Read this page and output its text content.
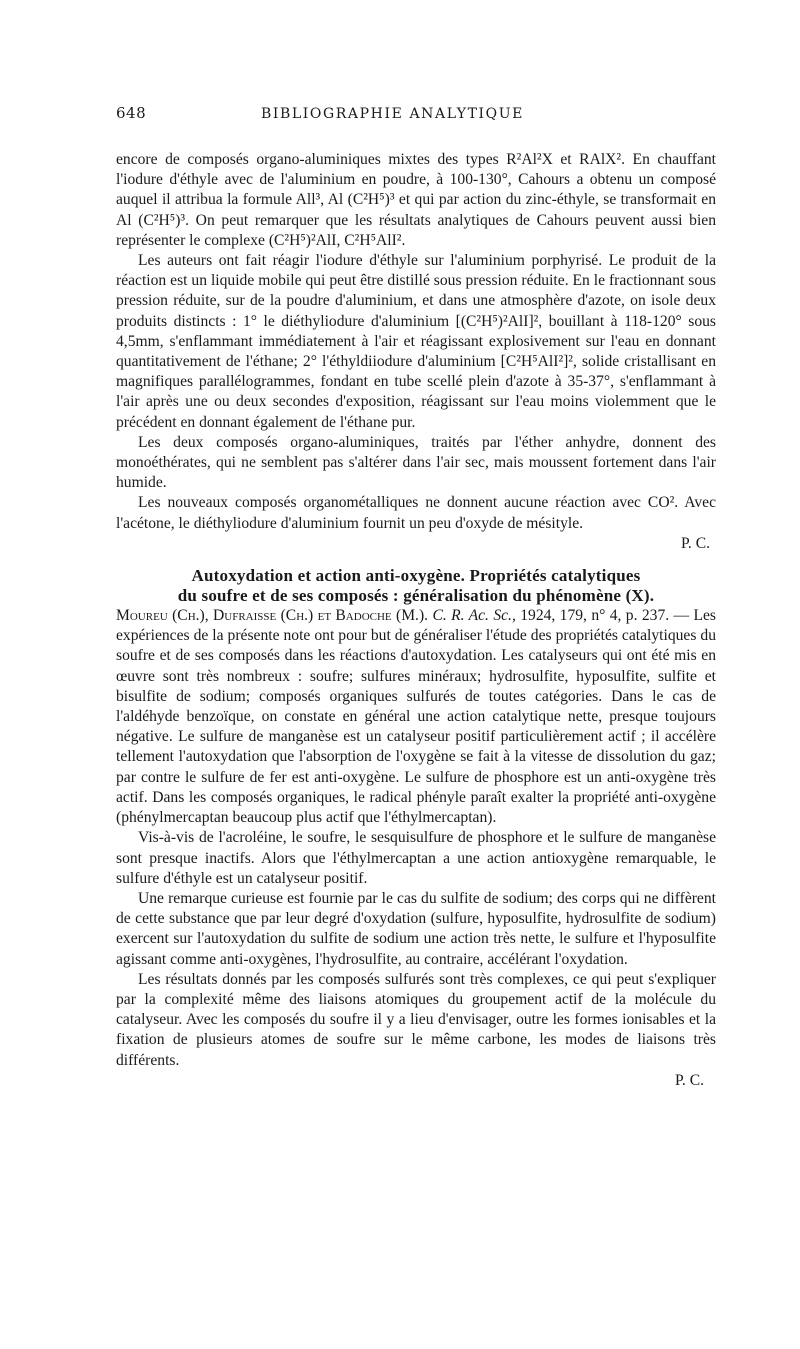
648	BIBLIOGRAPHIE ANALYTIQUE

encore de composés organo-aluminiques mixtes des types R²Al²X et RAlX². En chauffant l'iodure d'éthyle avec de l'aluminium en poudre, à 100-130°, Cahours a obtenu un composé auquel il attribua la formule All³, Al (C²H⁵)³ et qui par action du zinc-éthyle, se transformait en Al (C²H⁵)³. On peut remarquer que les résultats analytiques de Cahours peuvent aussi bien représenter le complexe (C²H⁵)²AlI, C²H⁵AlI².

Les auteurs ont fait réagir l'iodure d'éthyle sur l'aluminium porphyrisé. Le produit de la réaction est un liquide mobile qui peut être distillé sous pression réduite. En le fractionnant sous pression réduite, sur de la poudre d'aluminium, et dans une atmosphère d'azote, on isole deux produits distincts : 1° le diéthyliodure d'aluminium [(C²H⁵)²AlI]², bouillant à 118-120° sous 4,5mm, s'enflammant immédiatement à l'air et réagissant explosivement sur l'eau en donnant quantitativement de l'éthane; 2° l'éthyldiiodure d'aluminium [C²H⁵AlI²]², solide cristallisant en magnifiques parallélogrammes, fondant en tube scellé plein d'azote à 35-37°, s'enflammant à l'air après une ou deux secondes d'exposition, réagissant sur l'eau moins violemment que le précédent en donnant également de l'éthane pur.

Les deux composés organo-aluminiques, traités par l'éther anhydre, donnent des monoéthérates, qui ne semblent pas s'altérer dans l'air sec, mais moussent fortement dans l'air humide.

Les nouveaux composés organométalliques ne donnent aucune réaction avec CO². Avec l'acétone, le diéthyliodure d'aluminium fournit un peu d'oxyde de mésityle.

P. C.
Autoxydation et action anti-oxygène. Propriétés catalytiques
du soufre et de ses composés : généralisation du phénomène (X).

Moureu (Ch.), Dufraisse (Ch.) et Badoche (M.). C. R. Ac. Sc., 1924, 179, n° 4, p. 237. — Les expériences de la présente note ont pour but de généraliser l'étude des propriétés catalytiques du soufre et de ses composés dans les réactions d'autoxydation. Les catalyseurs qui ont été mis en œuvre sont très nombreux : soufre; sulfures minéraux; hydrosulfite, hyposulfite, sulfite et bisulfite de sodium; composés organiques sulfurés de toutes catégories. Dans le cas de l'aldéhyde benzoïque, on constate en général une action catalytique nette, presque toujours négative. Le sulfure de manganèse est un catalyseur positif particulièrement actif ; il accélère tellement l'autoxydation que l'absorption de l'oxygène se fait à la vitesse de dissolution du gaz; par contre le sulfure de fer est anti-oxygène. Le sulfure de phosphore est un anti-oxygène très actif. Dans les composés organiques, le radical phényle paraît exalter la propriété anti-oxygène (phénylmercaptan beaucoup plus actif que l'éthylmercaptan).

Vis-à-vis de l'acroléine, le soufre, le sesquisulfure de phosphore et le sulfure de manganèse sont presque inactifs. Alors que l'éthylmercaptan a une action antioxygène remarquable, le sulfure d'éthyle est un catalyseur positif.

Une remarque curieuse est fournie par le cas du sulfite de sodium; des corps qui ne diffèrent de cette substance que par leur degré d'oxydation (sulfure, hyposulfite, hydrosulfite de sodium) exercent sur l'autoxydation du sulfite de sodium une action très nette, le sulfure et l'hyposulfite agissant comme anti-oxygènes, l'hydrosulfite, au contraire, accélérant l'oxydation.

Les résultats donnés par les composés sulfurés sont très complexes, ce qui peut s'expliquer par la complexité même des liaisons atomiques du groupement actif de la molécule du catalyseur. Avec les composés du soufre il y a lieu d'envisager, outre les formes ionisables et la fixation de plusieurs atomes de soufre sur le même carbone, les modes de liaisons très différents.

P. C.
